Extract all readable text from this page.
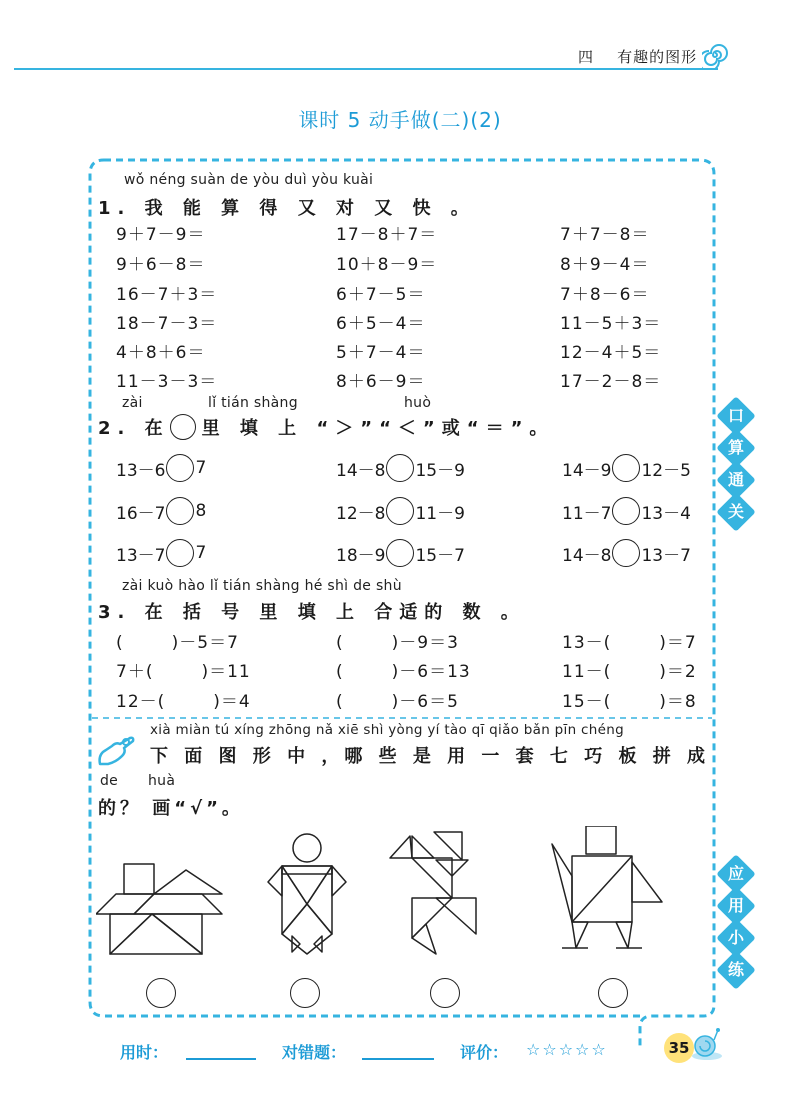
四 有趣的图形
课时 5 动手做(二)(2)
wǒ néng suàn de yòu duì yòu kuài
1. 我 能 算 得 又 对 又 快 。
9＋7－9＝	17－8＋7＝	7＋7－8＝
9＋6－8＝	10＋8－9＝	8＋9－4＝
16－7＋3＝	6＋7－5＝	7＋8－6＝
18－7－3＝	6＋5－4＝	11－5＋3＝
4＋8＋6＝	5＋7－4＝	12－4＋5＝
11－3－3＝	8＋6－9＝	17－2－8＝
zài	lǐ tián shàng	huò
2. 在 里 填 上 “＞”“＜”或“＝”。
13－6 7	14－8 15－9	14－9 12－5
16－7 8	12－8 11－9	11－7 13－4
13－7 7	18－9 15－7	14－8 13－7
zài kuò hào lǐ tián shàng hé shì de shù
3. 在 括 号 里 填 上 合适的 数 。
(	)－5＝7	(	)－9＝3	13－(	)＝7
7＋(	)＝11	(	)－6＝13	11－(	)＝2
12－(	)＝4	(	)－6＝5	15－(	)＝8
xià miàn tú xíng zhōng nǎ xiē shì yòng yí tào qī qiǎo bǎn pīn chéng
下 面 图 形 中 ，哪 些 是 用 一 套 七 巧 板 拼 成
de huà
的？ 画“√”。
口
算
通
关
应
用
小
练
用时：	对错题：	评价： ☆☆☆☆☆	35
